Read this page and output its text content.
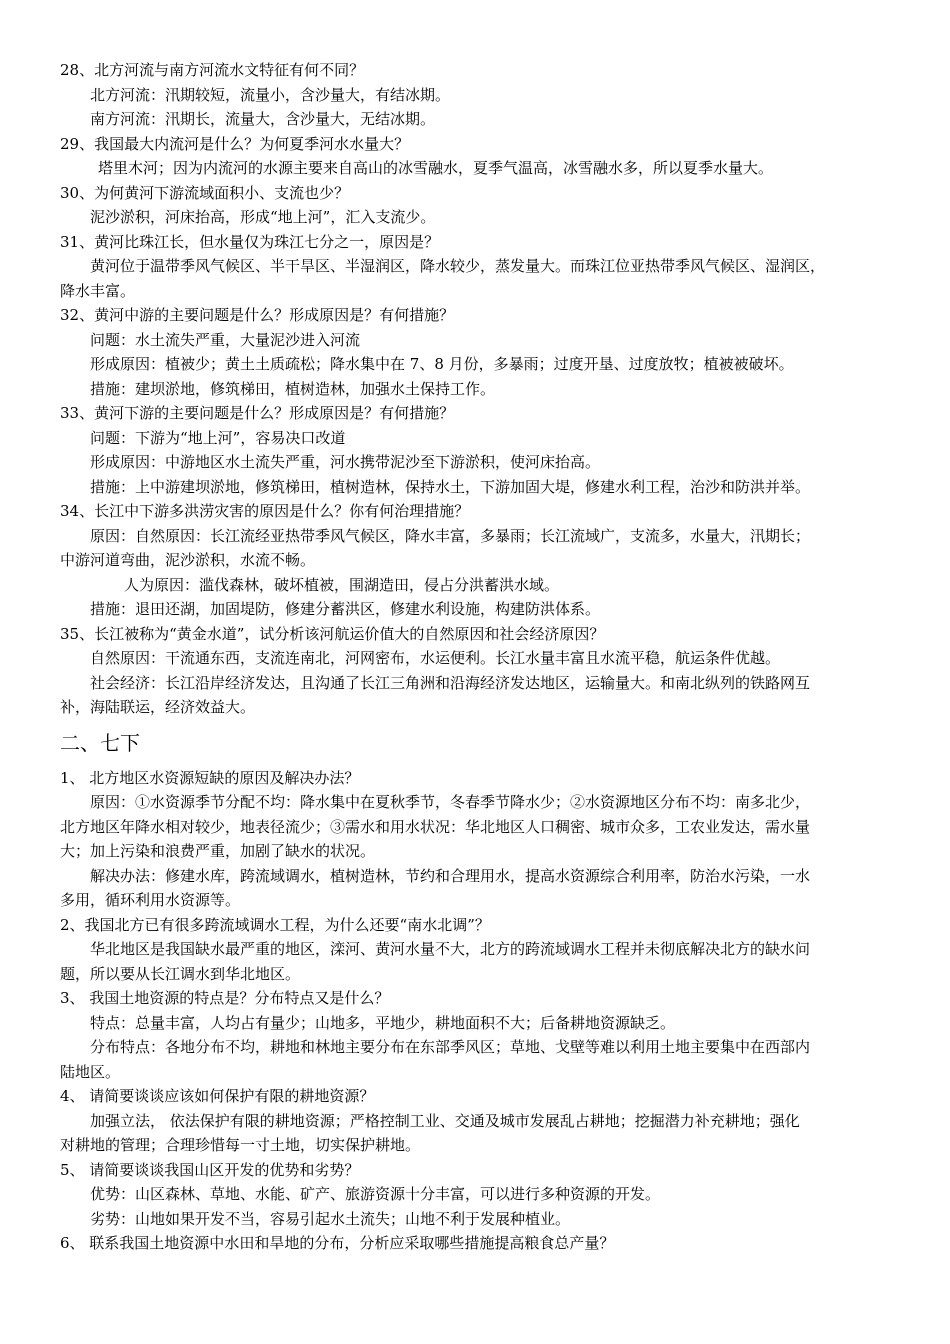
28、北方河流与南方河流水文特征有何不同？
北方河流：汛期较短，流量小，含沙量大，有结冰期。
南方河流：汛期长，流量大，含沙量大，无结冰期。
29、我国最大内流河是什么？为何夏季河水水量大？
塔里木河；因为内流河的水源主要来自高山的冰雪融水，夏季气温高，冰雪融水多，所以夏季水量大。
30、为何黄河下游流域面积小、支流也少？
泥沙淤积，河床抬高，形成“地上河”，汇入支流少。
31、黄河比珠江长，但水量仅为珠江七分之一，原因是？
黄河位于温带季风气候区、半干旱区、半湿润区，降水较少，蒸发量大。而珠江位亚热带季风气候区、湿润区，
降水丰富。
32、黄河中游的主要问题是什么？形成原因是？有何措施？
问题：水土流失严重，大量泥沙进入河流
形成原因：植被少；黄土土质疏松；降水集中在 7、8 月份，多暴雨；过度开垦、过度放牧；植被被破坏。
措施：建坝淤地，修筑梯田，植树造林，加强水土保持工作。
33、黄河下游的主要问题是什么？形成原因是？有何措施？
问题：下游为“地上河”，容易决口改道
形成原因：中游地区水土流失严重，河水携带泥沙至下游淤积，使河床抬高。
措施：上中游建坝淤地，修筑梯田，植树造林，保持水土，下游加固大堤，修建水利工程，治沙和防洪并举。
34、长江中下游多洪涝灾害的原因是什么？你有何治理措施？
原因：自然原因：长江流经亚热带季风气候区，降水丰富，多暴雨；长江流域广，支流多，水量大，汛期长；
中游河道弯曲，泥沙淤积，水流不畅。
人为原因：滥伐森林，破坏植被，围湖造田，侵占分洪蓄洪水域。
措施：退田还湖，加固堤防，修建分蓄洪区，修建水利设施，构建防洪体系。
35、长江被称为“黄金水道”，试分析该河航运价值大的自然原因和社会经济原因？
自然原因：干流通东西，支流连南北，河网密布，水运便利。长江水量丰富且水流平稳，航运条件优越。
社会经济：长江沿岸经济发达，且沟通了长江三角洲和沿海经济发达地区，运输量大。和南北纵列的铁路网互
补，海陆联运，经济效益大。
二、七下
1、 北方地区水资源短缺的原因及解决办法？
原因：①水资源季节分配不均：降水集中在夏秋季节，冬春季节降水少；②水资源地区分布不均：南多北少，
北方地区年降水相对较少，地表径流少；③需水和用水状况：华北地区人口稠密、城市众多，工农业发达，需水量
大；加上污染和浪费严重，加剧了缺水的状况。
解决办法：修建水库，跨流域调水，植树造林，节约和合理用水，提高水资源综合利用率，防治水污染，一水
多用，循环利用水资源等。
2、我国北方已有很多跨流域调水工程，为什么还要“南水北调”？
华北地区是我国缺水最严重的地区，滦河、黄河水量不大，北方的跨流域调水工程并未彻底解决北方的缺水问
题，所以要从长江调水到华北地区。
3、 我国土地资源的特点是？分布特点又是什么？
特点：总量丰富，人均占有量少；山地多，平地少，耕地面积不大；后备耕地资源缺乏。
分布特点：各地分布不均，耕地和林地主要分布在东部季风区；草地、戈壁等难以利用土地主要集中在西部内
陆地区。
4、 请简要谈谈应该如何保护有限的耕地资源？
加强立法， 依法保护有限的耕地资源；严格控制工业、交通及城市发展乱占耕地；挖掘潜力补充耕地；强化
对耕地的管理；合理珍惜每一寸土地，切实保护耕地。
5、 请简要谈谈我国山区开发的优势和劣势？
优势：山区森林、草地、水能、矿产、旅游资源十分丰富，可以进行多种资源的开发。
劣势：山地如果开发不当，容易引起水土流失；山地不利于发展种植业。
6、 联系我国土地资源中水田和旱地的分布，分析应采取哪些措施提高粮食总产量？
